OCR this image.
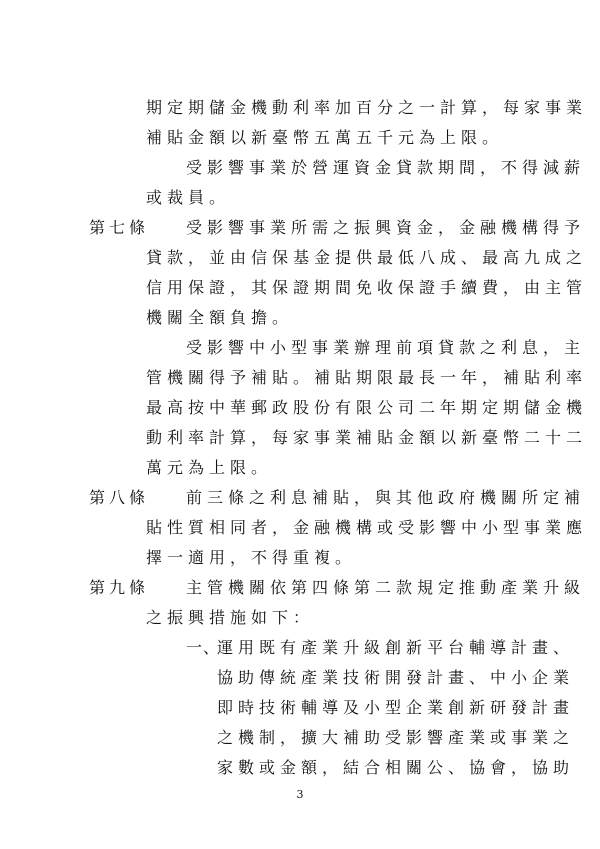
期定期儲金機動利率加百分之一計算，每家事業
補貼金額以新臺幣五萬五千元為上限。
受影響事業於營運資金貸款期間，不得減薪
或裁員。
第七條 受影響事業所需之振興資金，金融機構得予
貸款，並由信保基金提供最低八成、最高九成之
信用保證，其保證期間免收保證手續費，由主管
機關全額負擔。
受影響中小型事業辦理前項貸款之利息，主
管機關得予補貼。補貼期限最長一年，補貼利率
最高按中華郵政股份有限公司二年期定期儲金機
動利率計算，每家事業補貼金額以新臺幣二十二
萬元為上限。
第八條 前三條之利息補貼，與其他政府機關所定補
貼性質相同者，金融機構或受影響中小型事業應
擇一適用，不得重複。
第九條 主管機關依第四條第二款規定推動產業升級
之振興措施如下：
一、
運用既有產業升級創新平台輔導計畫、
協助傳統產業技術開發計畫、中小企業
即時技術輔導及小型企業創新研發計畫
之機制，擴大補助受影響產業或事業之
家數或金額，結合相關公、協會，協助
3
